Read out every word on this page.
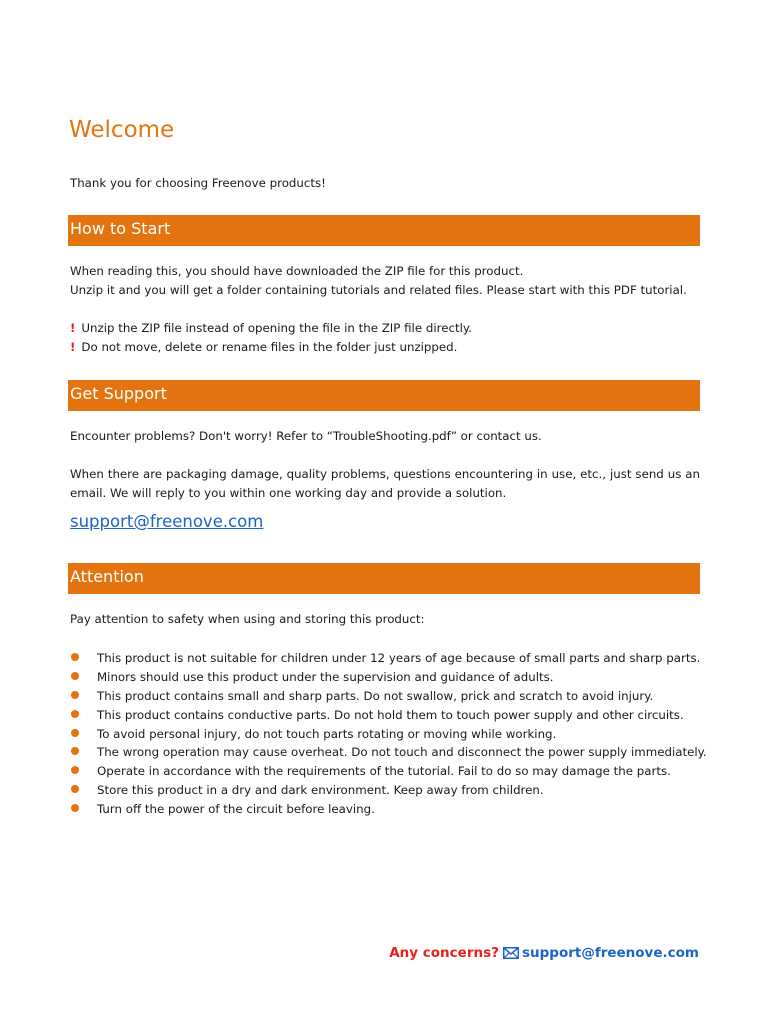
Welcome
Thank you for choosing Freenove products!
How to Start
When reading this, you should have downloaded the ZIP file for this product.
Unzip it and you will get a folder containing tutorials and related files. Please start with this PDF tutorial.
! Unzip the ZIP file instead of opening the file in the ZIP file directly.
! Do not move, delete or rename files in the folder just unzipped.
Get Support
Encounter problems? Don't worry! Refer to “TroubleShooting.pdf” or contact us.
When there are packaging damage, quality problems, questions encountering in use, etc., just send us an email. We will reply to you within one working day and provide a solution.
support@freenove.com
Attention
Pay attention to safety when using and storing this product:
This product is not suitable for children under 12 years of age because of small parts and sharp parts.
Minors should use this product under the supervision and guidance of adults.
This product contains small and sharp parts. Do not swallow, prick and scratch to avoid injury.
This product contains conductive parts. Do not hold them to touch power supply and other circuits.
To avoid personal injury, do not touch parts rotating or moving while working.
The wrong operation may cause overheat. Do not touch and disconnect the power supply immediately.
Operate in accordance with the requirements of the tutorial. Fail to do so may damage the parts.
Store this product in a dry and dark environment. Keep away from children.
Turn off the power of the circuit before leaving.
Any concerns? support@freenove.com
